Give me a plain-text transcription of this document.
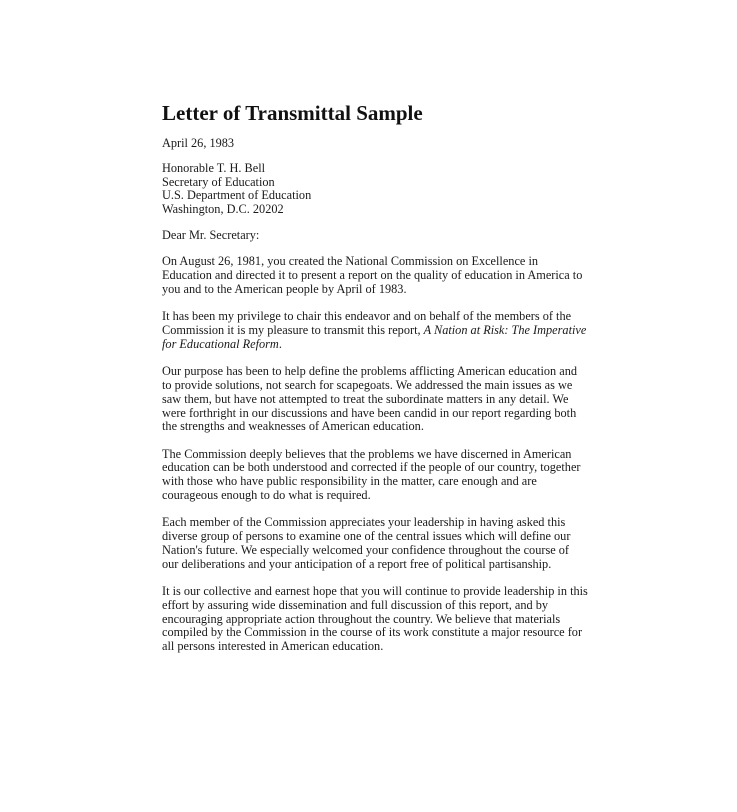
Letter of Transmittal Sample
April 26, 1983
Honorable T. H. Bell
Secretary of Education
U.S. Department of Education
Washington, D.C. 20202
Dear Mr. Secretary:
On August 26, 1981, you created the National Commission on Excellence in
Education and directed it to present a report on the quality of education in America to
you and to the American people by April of 1983.
It has been my privilege to chair this endeavor and on behalf of the members of the
Commission it is my pleasure to transmit this report, A Nation at Risk: The Imperative
for Educational Reform.
Our purpose has been to help define the problems afflicting American education and
to provide solutions, not search for scapegoats. We addressed the main issues as we
saw them, but have not attempted to treat the subordinate matters in any detail. We
were forthright in our discussions and have been candid in our report regarding both
the strengths and weaknesses of American education.
The Commission deeply believes that the problems we have discerned in American
education can be both understood and corrected if the people of our country, together
with those who have public responsibility in the matter, care enough and are
courageous enough to do what is required.
Each member of the Commission appreciates your leadership in having asked this
diverse group of persons to examine one of the central issues which will define our
Nation's future. We especially welcomed your confidence throughout the course of
our deliberations and your anticipation of a report free of political partisanship.
It is our collective and earnest hope that you will continue to provide leadership in this
effort by assuring wide dissemination and full discussion of this report, and by
encouraging appropriate action throughout the country. We believe that materials
compiled by the Commission in the course of its work constitute a major resource for
all persons interested in American education.
